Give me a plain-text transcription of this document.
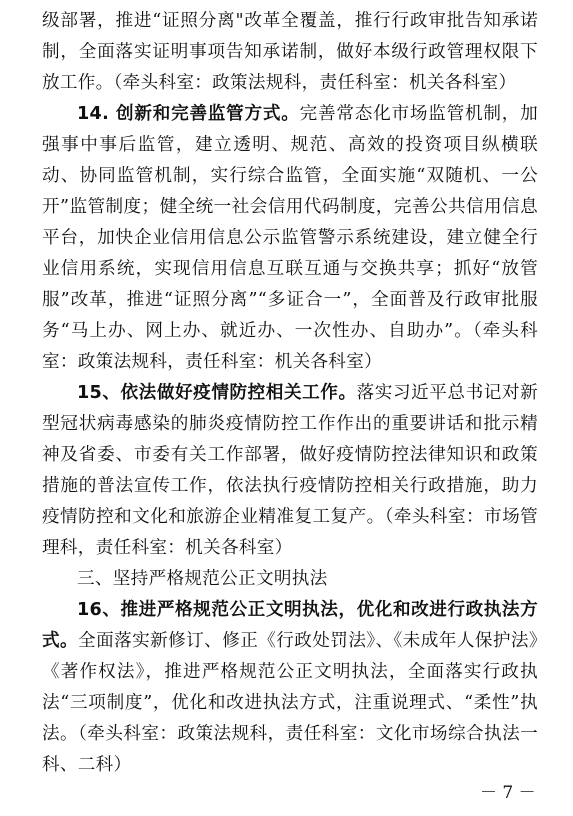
级部署，推进“证照分离"改革全覆盖，推行行政审批告知承诺制，全面落实证明事项告知承诺制，做好本级行政管理权限下放工作。（牵头科室：政策法规科，责任科室：机关各科室）

14. 创新和完善监管方式。完善常态化市场监管机制，加强事中事后监管，建立透明、规范、高效的投资项目纵横联动、协同监管机制，实行综合监管，全面实施“双随机、一公开”监管制度；健全统一社会信用代码制度，完善公共信用信息平台，加快企业信用信息公示监管警示系统建设，建立健全行业信用系统，实现信用信息互联互通与交换共享；抓好“放管服”改革，推进“证照分离”“多证合一”，全面普及行政审批服务“马上办、网上办、就近办、一次性办、自助办”。（牵头科室：政策法规科，责任科室：机关各科室）

15、依法做好疫情防控相关工作。落实习近平总书记对新型冠状病毒感染的肺炎疫情防控工作作出的重要讲话和批示精神及省委、市委有关工作部署，做好疫情防控法律知识和政策措施的普法宣传工作，依法执行疫情防控相关行政措施，助力疫情防控和文化和旅游企业精准复工复产。（牵头科室：市场管理科，责任科室：机关各科室）

三、坚持严格规范公正文明执法

16、推进严格规范公正文明执法，优化和改进行政执法方式。全面落实新修订、修正《行政处罚法》、《未成年人保护法》《著作权法》，推进严格规范公正文明执法，全面落实行政执法“三项制度”，优化和改进执法方式，注重说理式、“柔性”执法。（牵头科室：政策法规科，责任科室：文化市场综合执法一科、二科）

－ 7 －
